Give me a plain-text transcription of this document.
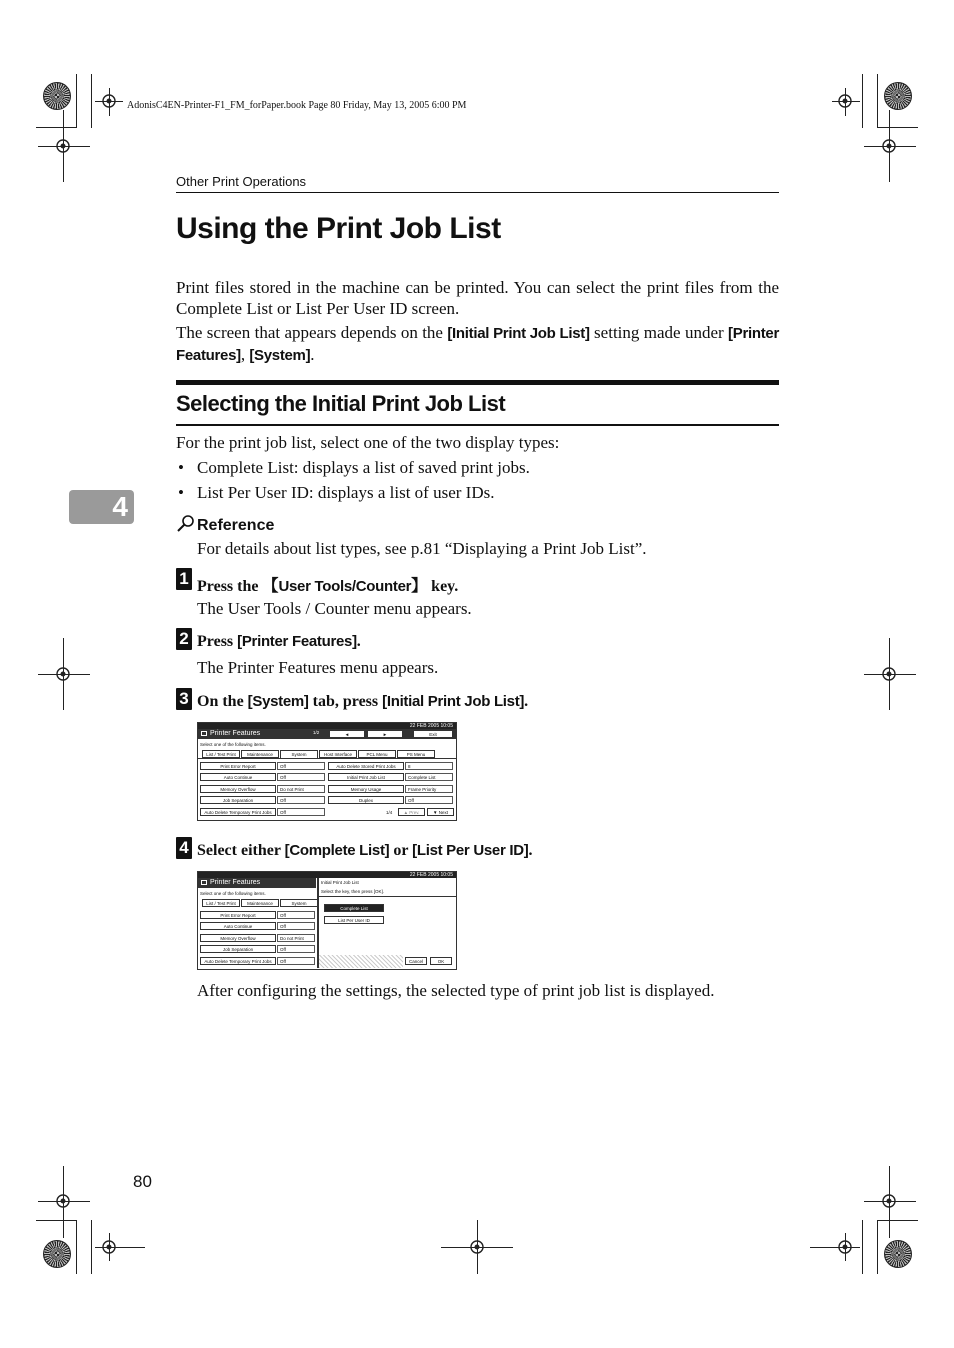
AdonisC4EN-Printer-F1_FM_forPaper.book Page 80 Friday, May 13, 2005 6:00 PM
Other Print Operations
Using the Print Job List
Print files stored in the machine can be printed. You can select the print files from the Complete List or List Per User ID screen.
The screen that appears depends on the [Initial Print Job List] setting made under [Printer Features], [System].
Selecting the Initial Print Job List
For the print job list, select one of the two display types:
• Complete List: displays a list of saved print jobs.
• List Per User ID: displays a list of user IDs.
4
Reference
For details about list types, see p.81 “Displaying a Print Job List”.
1 Press the 【User Tools/Counter】 key.
The User Tools / Counter menu appears.
2 Press [Printer Features].
The Printer Features menu appears.
3 On the [System] tab, press [Initial Print Job List].
22 FEB 2005 10:05
Printer Features	1/2	◄	►	Exit
Select one of the following items.
List / Test Print	Maintenance	System	Host Interface	PCL Menu	PS Menu
Print Error Report	Off
Auto Continue	Off
Memory Overflow	Do not Print
Job Separation	Off
Auto Delete Temporary Print Jobs	Off
Auto Delete Stored Print Jobs	8
Initial Print Job List	Complete List
Memory Usage	Frame Priority
Duplex	Off
1/4	▲ Prev.	▼ Next
4 Select either [Complete List] or [List Per User ID].
22 FEB 2005 10:05
Printer Features
Select one of the following items.
List / Test Print	Maintenance	System
Print Error Report	Off
Auto Continue	Off
Memory Overflow	Do not Print
Job Separation	Off
Auto Delete Temporary Print Jobs	Off
Initial Print Job List
Select the key, then press [OK].
Complete List
List Per User ID
Cancel	OK
After configuring the settings, the selected type of print job list is displayed.
80
